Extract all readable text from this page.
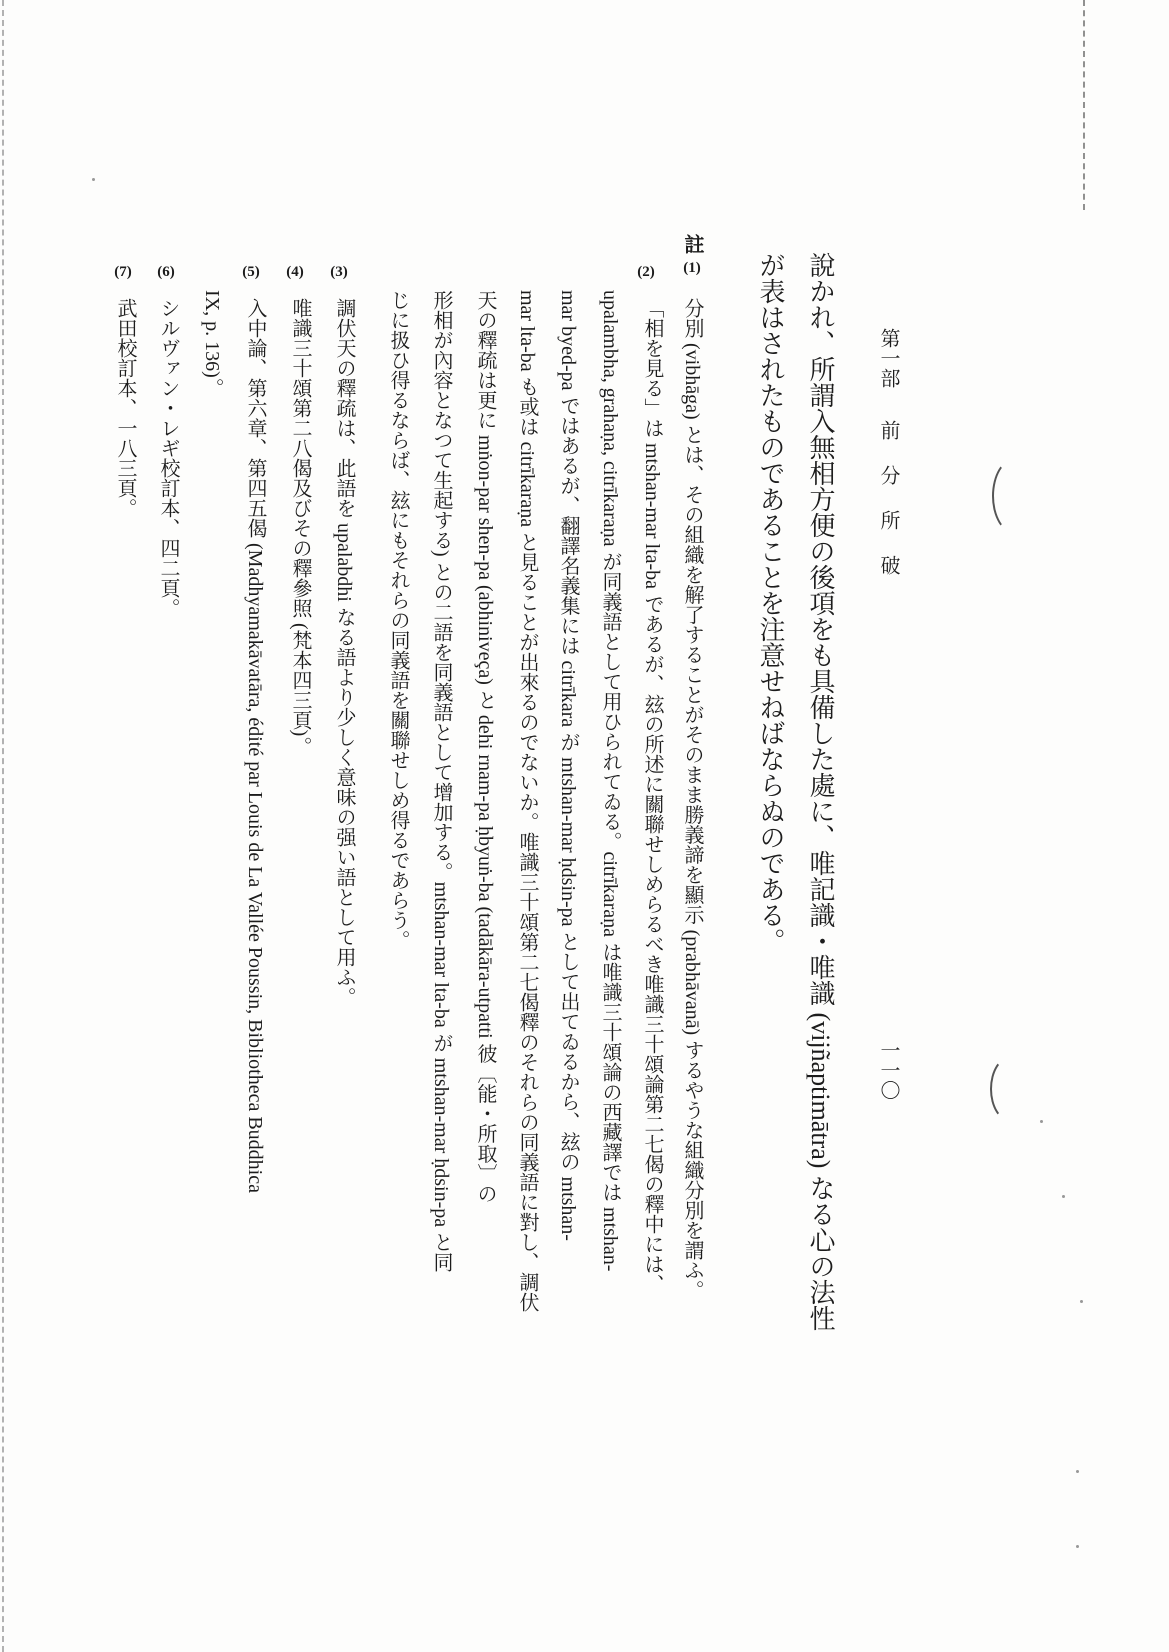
第一部
前分所破
一一〇
說かれ、所謂入無相方便の後項をも具備した處に、唯記識・唯識 (vijñaptimātra) なる心の法性
が表はされたものであることを注意せねばならぬのである。
註
(1)
(2)
(3)
(4)
(5)
(6)
(7)
分別 (vibhāga) とは、その組織を解了することがそのまま勝義諦を顯示 (prabhāvanā) するやうな組織分別を謂ふ。
「相を見る」は mtshan-mar lta-ba であるが、玆の所述に關聯せしめらるべき唯識三十頌論第二七偈の釋中には、
upalambha, grahaṇa, citrīkaraṇa が同義語として用ひられてゐる。citrīkaraṇa は唯識三十頌論の西藏譯では mtshan-
mar byed-pa ではあるが、翻譯名義集には citrīkara が mtshan-mar ḥdsin-pa として出てゐるから、玆の mtshan-
mar lta-ba も或は citrīkaraṇa と見ることが出來るのでないか。唯識三十頌第二七偈釋のそれらの同義語に對し、調伏
天の釋疏は更に mṅon-par shen-pa (abhiniveça) と dehi rnam-pa ḥbyuṅ-ba (tadākāra-utpatti 彼〔能・所取〕の
形相が內容となつて生起する) との二語を同義語として增加する。mtshan-mar lta-ba が mtshan-mar ḥdsin-pa と同
じに扱ひ得るならば、玆にもそれらの同義語を關聯せしめ得るであらう。
調伏天の釋疏は、此語を upalabdhi なる語より少しく意味の强い語として用ふ。
唯識三十頌第二八偈及びその釋參照 (梵本四三頁)。
入中論、第六章、第四五偈 (Madhyamakāvatāra, édité par Louis de La Vallée Poussin, Bibliotheca Buddhica
IX, p. 136)。
シルヴァン・レギ校訂本、四二頁。
武田校訂本、一八三頁。
